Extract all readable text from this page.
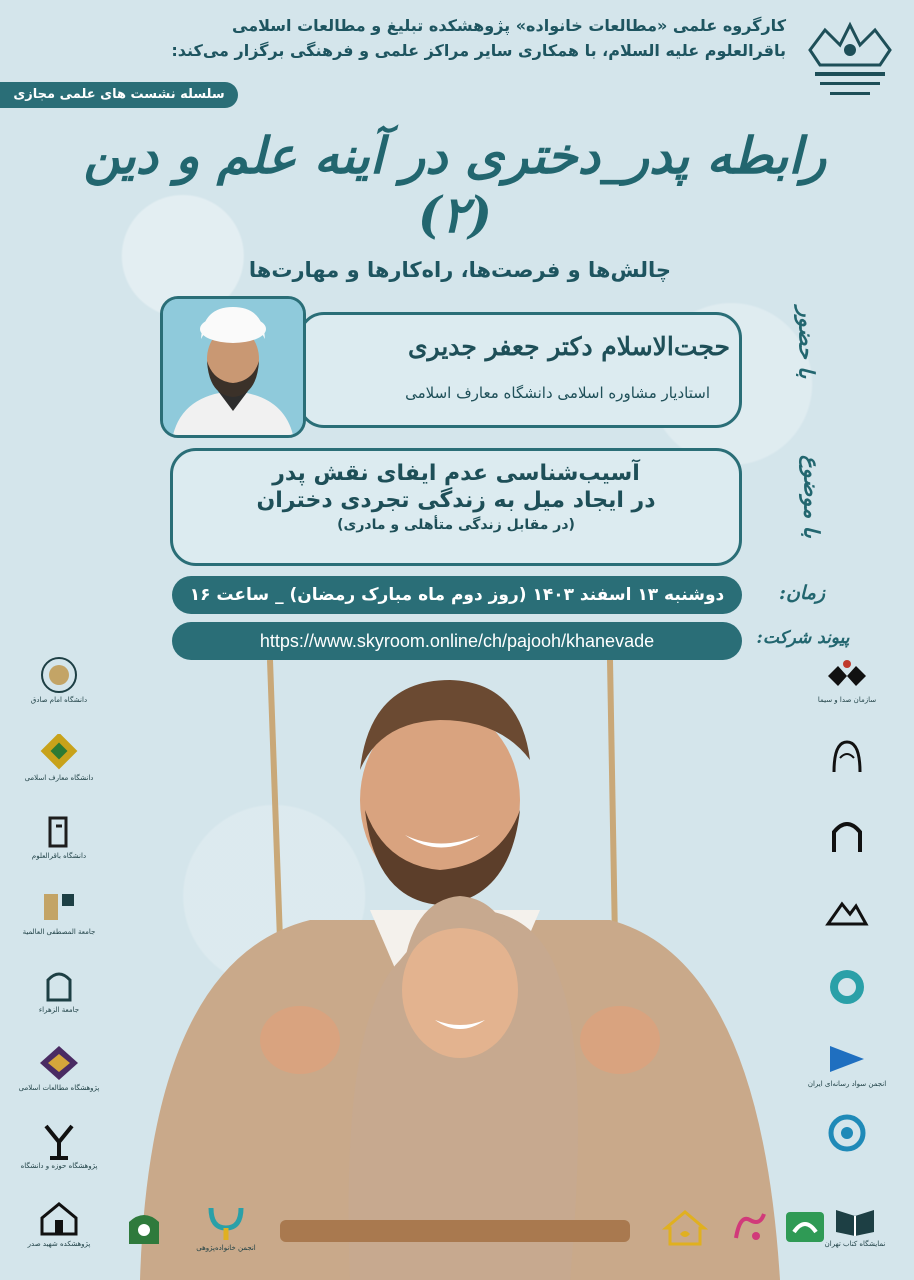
کارگروه علمی «مطالعات خانواده» پژوهشکده تبلیغ و مطالعات اسلامی
باقرالعلوم علیه السلام، با همکاری سایر مراکز علمی و فرهنگی برگزار می‌کند:
سلسله نشست های علمی مجازی
رابطه پدر_دختری در آینه علم و دین (۲)
چالش‌ها و فرصت‌ها، راه‌کارها و مهارت‌ها
با حضور
حجت‌الاسلام دکتر جعفر جدیری
استادیار مشاوره اسلامی دانشگاه معارف اسلامی
با موضوع
آسیب‌شناسی عدم ایفای نقش پدر
در ایجاد میل به زندگی تجردی دختران
(در مقابل زندگی متأهلی و مادری)
زمان:
دوشنبه ۱۳ اسفند ۱۴۰۳ (روز دوم ماه مبارک رمضان) _ ساعت ۱۶
پیوند شرکت:
https://www.skyroom.online/ch/pajooh/khanevade
دانشگاه امام صادق
دانشگاه معارف اسلامی
دانشگاه باقرالعلوم
جامعة المصطفی العالمیة
جامعة الزهراء
پژوهشگاه مطالعات اسلامی
پژوهشگاه حوزه و دانشگاه
پژوهشکده شهید صدر
سازمان صدا و سیما
انجمن سواد رسانه‌ای ایران
نمایشگاه کتاب تهران
انجمن خانواده‌پژوهی
